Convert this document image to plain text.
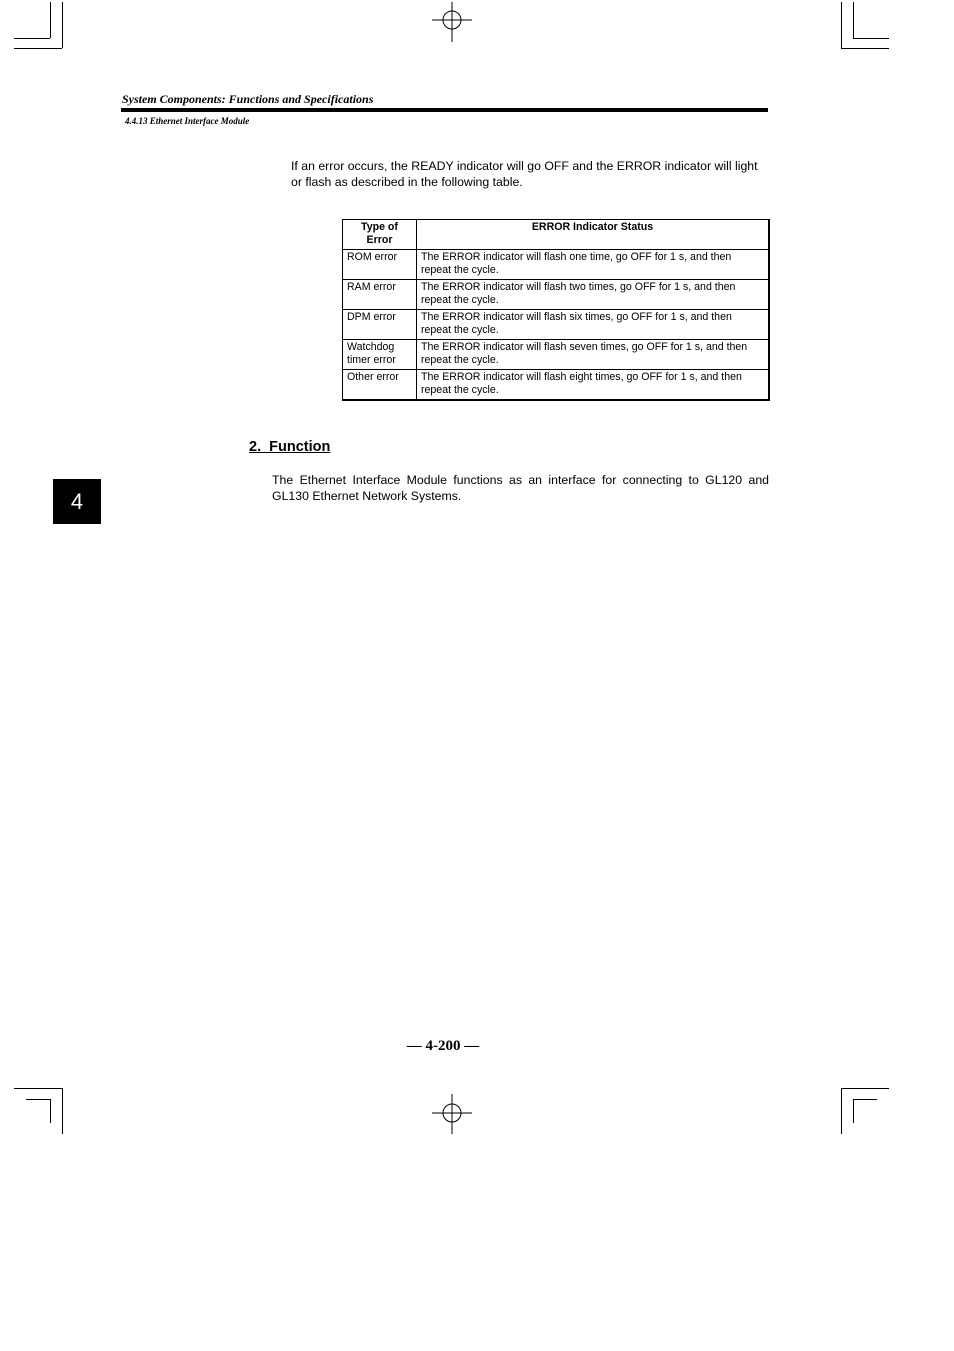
System Components: Functions and Specifications
4.4.13 Ethernet Interface Module
If an error occurs, the READY indicator will go OFF and the ERROR indicator will light or flash as described in the following table.
Type of Error	ERROR Indicator Status
ROM error	The ERROR indicator will flash one time, go OFF for 1 s, and then repeat the cycle.
RAM error	The ERROR indicator will flash two times, go OFF for 1 s, and then repeat the cycle.
DPM error	The ERROR indicator will flash six times, go OFF for 1 s, and then repeat the cycle.
Watchdog timer error	The ERROR indicator will flash seven times, go OFF for 1 s, and then repeat the cycle.
Other error	The ERROR indicator will flash eight times, go OFF for 1 s, and then repeat the cycle.
2.  Function
The Ethernet Interface Module functions as an interface for connecting to GL120 and GL130 Ethernet Network Systems.
4
— 4-200 —
